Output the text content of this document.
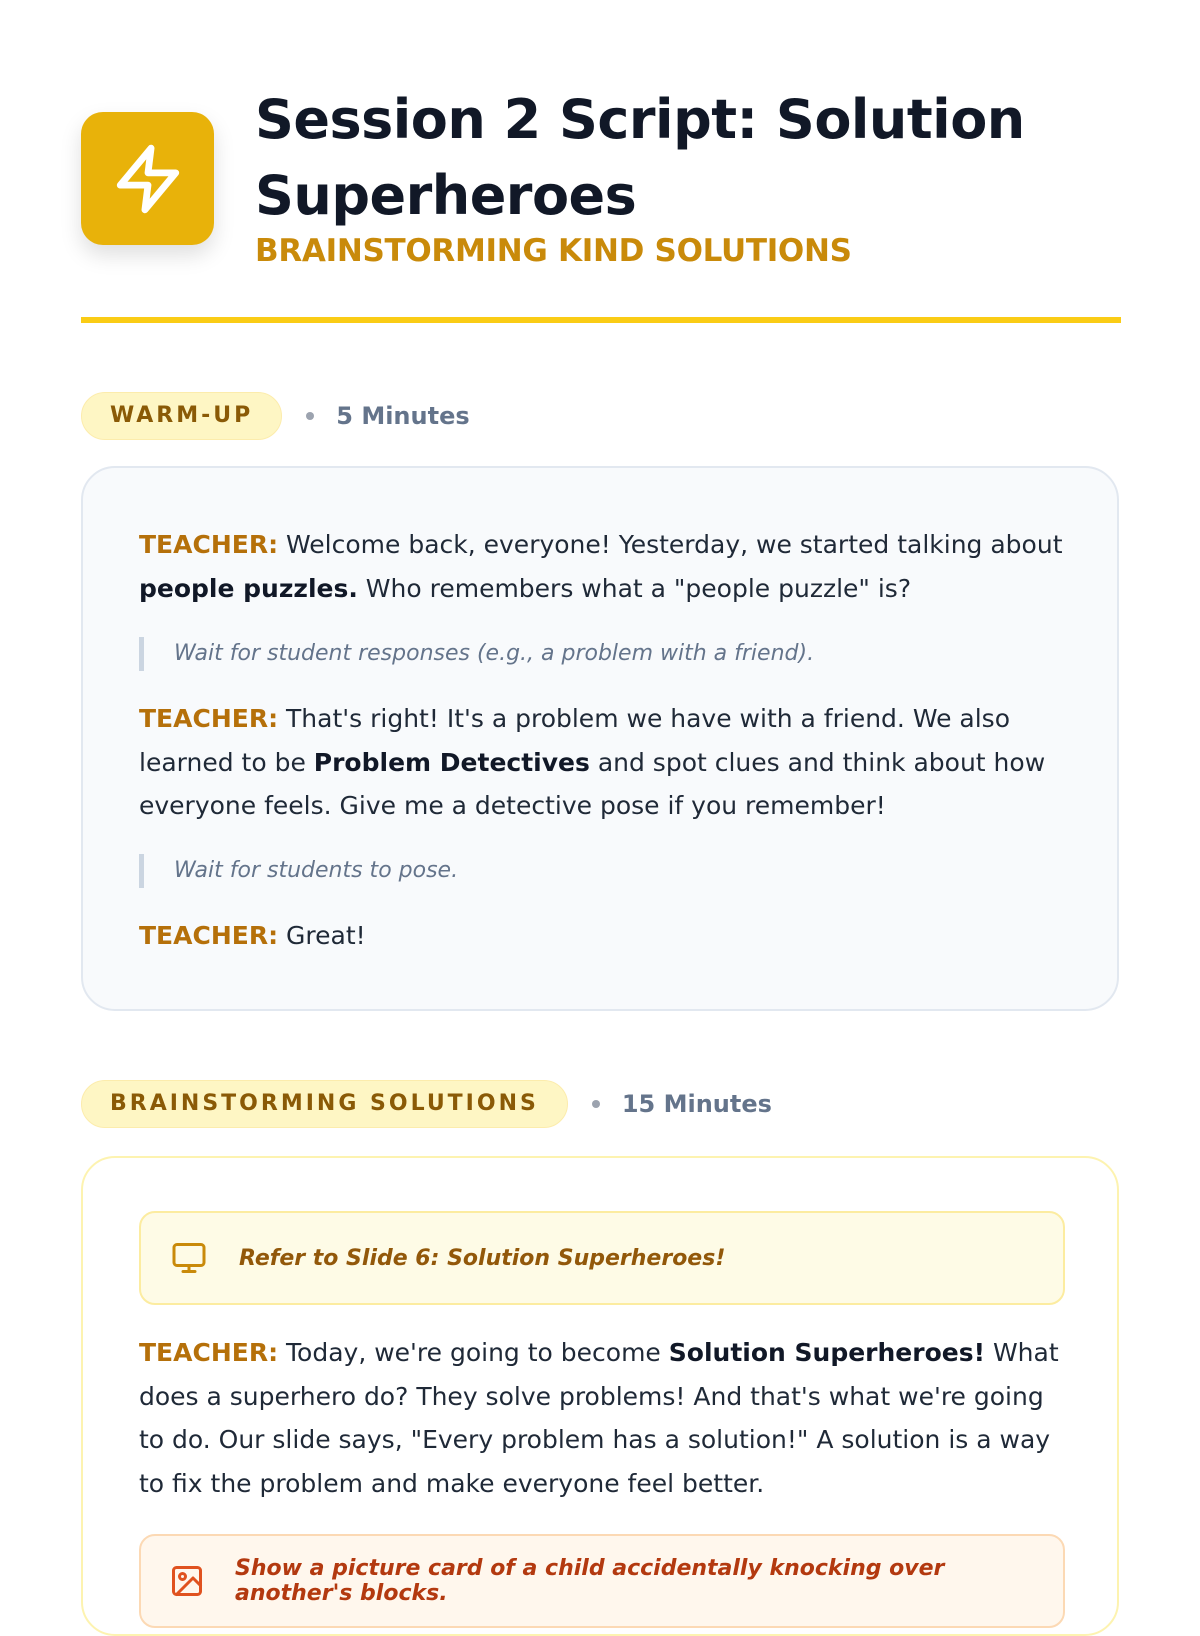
Session 2 Script: Solution Superheroes
BRAINSTORMING KIND SOLUTIONS
WARM-UP	5 Minutes

TEACHER: Welcome back, everyone! Yesterday, we started talking about people puzzles. Who remembers what a "people puzzle" is?

Wait for student responses (e.g., a problem with a friend).

TEACHER: That's right! It's a problem we have with a friend. We also learned to be Problem Detectives and spot clues and think about how everyone feels. Give me a detective pose if you remember!

Wait for students to pose.

TEACHER: Great!

BRAINSTORMING SOLUTIONS	15 Minutes
Refer to Slide 6: Solution Superheroes!

TEACHER: Today, we're going to become Solution Superheroes! What does a superhero do? They solve problems! And that's what we're going to do. Our slide says, "Every problem has a solution!" A solution is a way to fix the problem and make everyone feel better.

Show a picture card of a child accidentally knocking over another's blocks.
